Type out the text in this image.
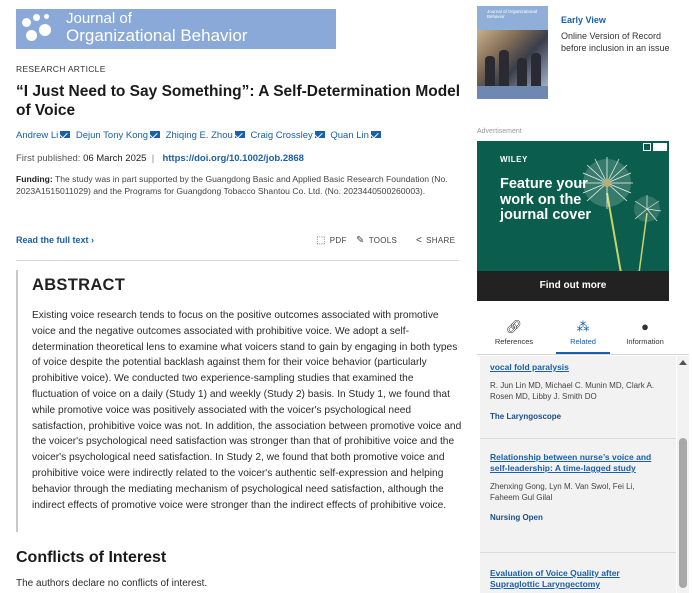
Journal of
Organizational Behavior
RESEARCH ARTICLE
“I Just Need to Say Something”: A Self-Determination Model of Voice
Andrew Li Dejun Tony Kong Zhiqing E. Zhou Craig Crossley Quan Lin
First published: 06 March 2025  |  https://doi.org/10.1002/job.2868
Funding: The study was in part supported by the Guangdong Basic and Applied Basic Research Foundation (No. 2023A1515011029) and the Programs for Guangdong Tobacco Shantou Co. Ltd. (No. 2023440500260003).
Read the full text ›	⬚ PDF ✎ TOOLS < SHARE
ABSTRACT

Existing voice research tends to focus on the positive outcomes associated with promotive voice and the negative outcomes associated with prohibitive voice. We adopt a self-determination theoretical lens to examine what voicers stand to gain by engaging in both types of voice despite the potential backlash against them for their voice behavior (particularly prohibitive voice). We conducted two experience-sampling studies that examined the fluctuation of voice on a daily (Study 1) and weekly (Study 2) basis. In Study 1, we found that while promotive voice was positively associated with the voicer's psychological need satisfaction, prohibitive voice was not. In addition, the association between promotive voice and the voicer's psychological need satisfaction was stronger than that of prohibitive voice and the voicer's psychological need satisfaction. In Study 2, we found that both promotive voice and prohibitive voice were indirectly related to the voicer's authentic self-expression and helping behavior through the mediating mechanism of psychological need satisfaction, although the indirect effects of promotive voice were stronger than the indirect effects of prohibitive voice.

Conflicts of Interest

The authors declare no conflicts of interest.

Journal of Organizational Behavior	Early View
Online Version of Record before inclusion in an issue
Advertisement
WILEY
Feature your work on the journal cover
Find out more
🔗︎
References
⁂
Related
●
Information
vocal fold paralysis
R. Jun Lin MD, Michael C. Munin MD, Clark A. Rosen MD, Libby J. Smith DO
The Laryngoscope
Relationship between nurse’s voice and self-leadership: A time-lagged study
Zhenxing Gong, Lyn M. Van Swol, Fei Li, Faheem Gul Gilal
Nursing Open
Evaluation of Voice Quality after Supraglottic Laryngectomy
